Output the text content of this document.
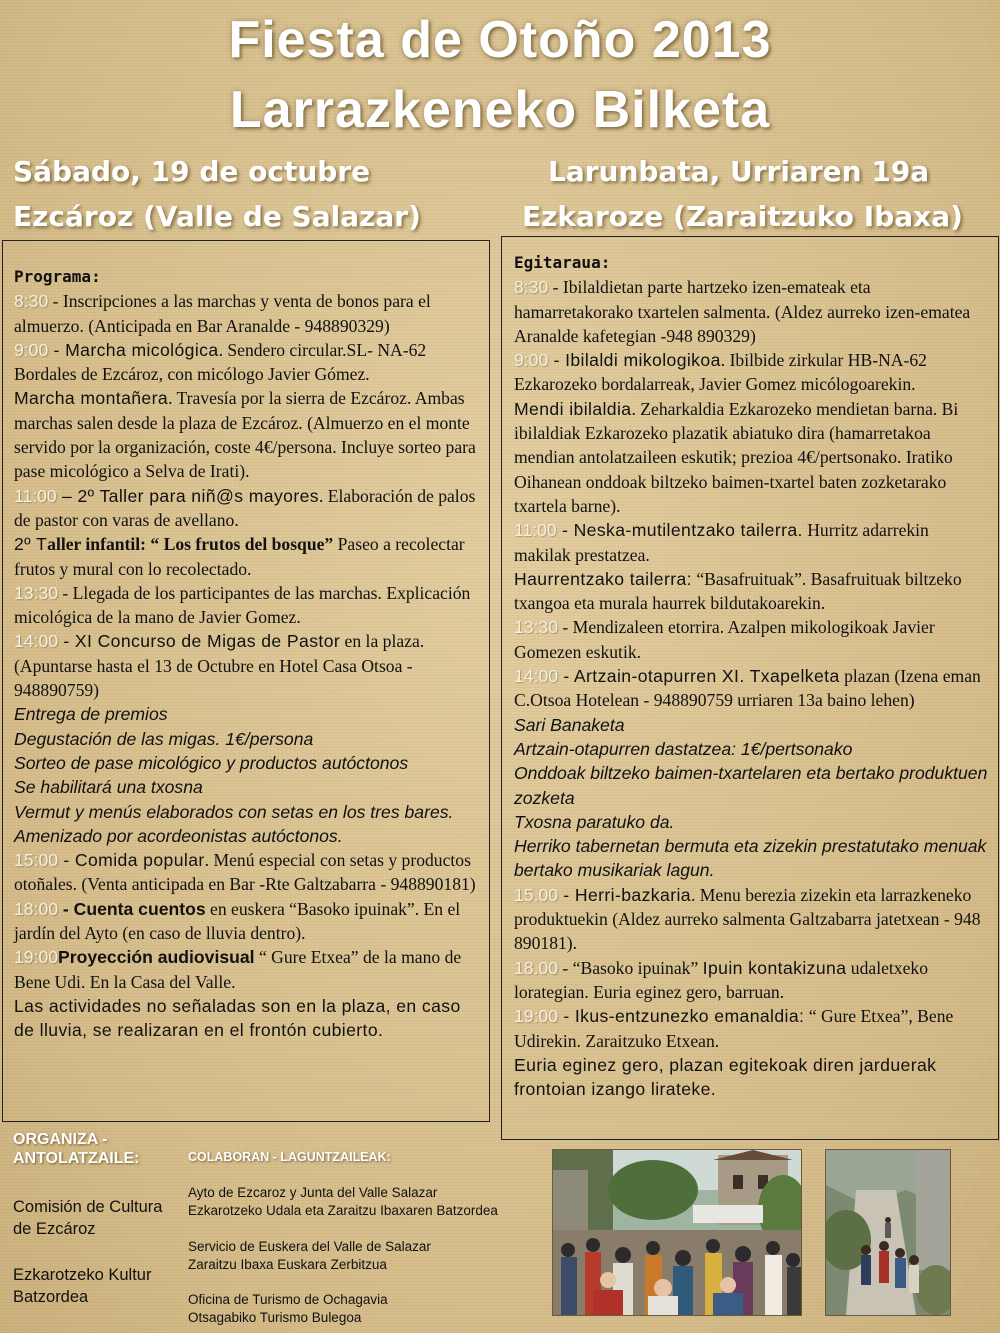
Fiesta de Otoño 2013
Larrazkeneko Bilketa
Sábado, 19 de octubre
Ezcároz (Valle de Salazar)
Larunbata, Urriaren 19a
Ezkaroze (Zaraitzuko Ibaxa)
Programa:

8:30 - Inscripciones a las marchas y venta de bonos para el almuerzo. (Anticipada en Bar Aranalde - 948890329)

9:00 - Marcha micológica. Sendero circular.SL- NA-62 Bordales de Ezcároz, con micólogo Javier Gómez.

Marcha montañera. Travesía por la sierra de Ezcároz. Ambas marchas salen desde la plaza de Ezcároz. (Almuerzo en el monte servido por la organización, coste 4€/persona. Incluye sorteo para pase micológico a Selva de Irati).

11:00 – 2º Taller para niñ@s mayores. Elaboración de palos de pastor con varas de avellano.

2º Taller infantil: “ Los frutos del bosque” Paseo a recolectar frutos y mural con lo recolectado.

13:30 - Llegada de los participantes de las marchas. Explicación micológica de la mano de Javier Gomez.

14:00 - XI Concurso de Migas de Pastor en la plaza. (Apuntarse hasta el 13 de Octubre en Hotel Casa Otsoa - 948890759)

Entrega de premios

Degustación de las migas. 1€/persona

Sorteo de pase micológico y productos autóctonos

Se habilitará una txosna

Vermut y menús elaborados con setas en los tres bares.

Amenizado por acordeonistas autóctonos.

15:00 - Comida popular. Menú especial con setas y productos otoñales. (Venta anticipada en Bar -Rte Galtzabarra - 948890181)

18:00 - Cuenta cuentos en euskera “Basoko ipuinak”. En el jardín del Ayto (en caso de lluvia dentro).

19:00Proyección audiovisual “ Gure Etxea” de la mano de Bene Udi. En la Casa del Valle.

Las actividades no señaladas son en la plaza, en caso de lluvia, se realizaran en el frontón cubierto.

Egitaraua:

8:30 - Ibilaldietan parte hartzeko izen-emateak eta hamarretakorako txartelen salmenta. (Aldez aurreko izen-ematea Aranalde kafetegian -948 890329)

9:00 - Ibilaldi mikologikoa. Ibilbide zirkular HB-NA-62 Ezkarozeko bordalarreak, Javier Gomez micólogoarekin.

Mendi ibilaldia. Zeharkaldia Ezkarozeko mendietan barna. Bi ibilaldiak Ezkarozeko plazatik abiatuko dira (hamarretakoa mendian antolatzaileen eskutik; prezioa 4€/pertsonako. Iratiko Oihanean onddoak biltzeko baimen-txartel baten zozketarako txartela barne).

11:00 - Neska-mutilentzako tailerra. Hurritz adarrekin makilak prestatzea.

Haurrentzako tailerra: “Basafruituak”. Basafruituak biltzeko txangoa eta murala haurrek bildutakoarekin.

13:30 - Mendizaleen etorrira. Azalpen mikologikoak Javier Gomezen eskutik.

14:00 - Artzain-otapurren XI. Txapelketa plazan (Izena eman C.Otsoa Hotelean - 948890759 urriaren 13a baino lehen)

Sari Banaketa

Artzain-otapurren dastatzea: 1€/pertsonako

Onddoak biltzeko baimen-txartelaren eta bertako produktuen zozketa

Txosna paratuko da.

Herriko tabernetan bermuta eta zizekin prestatutako menuak bertako musikariak lagun.

15.00 - Herri-bazkaria. Menu berezia zizekin eta larrazkeneko produktuekin (Aldez aurreko salmenta Galtzabarra jatetxean - 948 890181).

18.00 - “Basoko ipuinak” Ipuin kontakizuna udaletxeko lorategian. Euria eginez gero, barruan.

19:00 - Ikus-entzunezko emanaldia: “ Gure Etxea”, Bene Udirekin. Zaraitzuko Etxean.

Euria eginez gero, plazan egitekoak diren jarduerak frontoian izango lirateke.

ORGANIZA - ANTOLATZAILE:
Comisión de Cultura de Ezcároz
Ezkarotzeko Kultur Batzordea
COLABORAN - LAGUNTZAILEAK:
Ayto de Ezcaroz y Junta del Valle Salazar
Ezkarotzeko Udala eta Zaraitzu Ibaxaren Batzordea
Servicio de Euskera del Valle de Salazar
Zaraitzu Ibaxa Euskara Zerbitzua
Oficina de Turismo de Ochagavia
Otsagabiko Turismo Bulegoa
